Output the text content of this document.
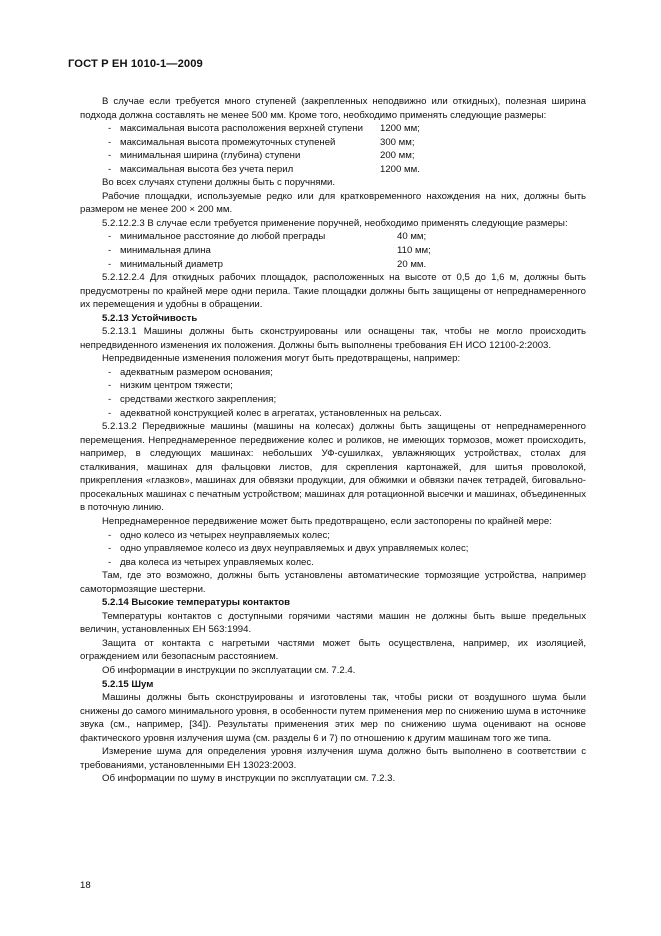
ГОСТ Р ЕН 1010-1—2009

В случае если требуется много ступеней (закрепленных неподвижно или откидных), полезная ширина подхода должна составлять не менее 500 мм. Кроме того, необходимо применять следующие размеры:

- максимальная высота расположения верхней ступени	1200 мм;
- максимальная высота промежуточных ступеней	300 мм;
- минимальная ширина (глубина) ступени	200 мм;
- максимальная высота без учета перил	1200 мм.

Во всех случаях ступени должны быть с поручнями.

Рабочие площадки, используемые редко или для кратковременного нахождения на них, должны быть размером не менее 200 × 200 мм.

5.2.12.2.3 В случае если требуется применение поручней, необходимо применять следующие размеры:

- минимальное расстояние до любой преграды	40 мм;
- минимальная длина	110 мм;
- минимальный диаметр	20 мм.

5.2.12.2.4 Для откидных рабочих площадок, расположенных на высоте от 0,5 до 1,6 м, должны быть предусмотрены по крайней мере одни перила. Такие площадки должны быть защищены от непреднамеренного их перемещения и удобны в обращении.

5.2.13 Устойчивость

5.2.13.1 Машины должны быть сконструированы или оснащены так, чтобы не могло происходить непредвиденного изменения их положения. Должны быть выполнены требования ЕН ИСО 12100-2:2003.

Непредвиденные изменения положения могут быть предотвращены, например:

- адекватным размером основания;
- низким центром тяжести;
- средствами жесткого закрепления;
- адекватной конструкцией колес в агрегатах, установленных на рельсах.

5.2.13.2 Передвижные машины (машины на колесах) должны быть защищены от непреднамеренного перемещения. Непреднамеренное передвижение колес и роликов, не имеющих тормозов, может происходить, например, в следующих машинах: небольших УФ-сушилках, увлажняющих устройствах, столах для сталкивания, машинах для фальцовки листов, для скрепления картонажей, для шитья проволокой, прикрепления «глазков», машинах для обвязки продукции, для обжимки и обвязки пачек тетрадей, биговально-просекальных машинах с печатным устройством; машинах для ротационной высечки и машинах, объединенных в поточную линию.

Непреднамеренное передвижение может быть предотвращено, если застопорены по крайней мере:

- одно колесо из четырех неуправляемых колес;
- одно управляемое колесо из двух неуправляемых и двух управляемых колес;
- два колеса из четырех управляемых колес.

Там, где это возможно, должны быть установлены автоматические тормозящие устройства, например самотормозящие шестерни.

5.2.14 Высокие температуры контактов

Температуры контактов с доступными горячими частями машин не должны быть выше предельных величин, установленных ЕН 563:1994.

Защита от контакта с нагретыми частями может быть осуществлена, например, их изоляцией, ограждением или безопасным расстоянием.

Об информации в инструкции по эксплуатации см. 7.2.4.

5.2.15 Шум

Машины должны быть сконструированы и изготовлены так, чтобы риски от воздушного шума были снижены до самого минимального уровня, в особенности путем применения мер по снижению шума в источнике звука (см., например, [34]). Результаты применения этих мер по снижению шума оценивают на основе фактического уровня излучения шума (см. разделы 6 и 7) по отношению к другим машинам того же типа.

Измерение шума для определения уровня излучения шума должно быть выполнено в соответствии с требованиями, установленными ЕН 13023:2003.

Об информации по шуму в инструкции по эксплуатации см. 7.2.3.

18
